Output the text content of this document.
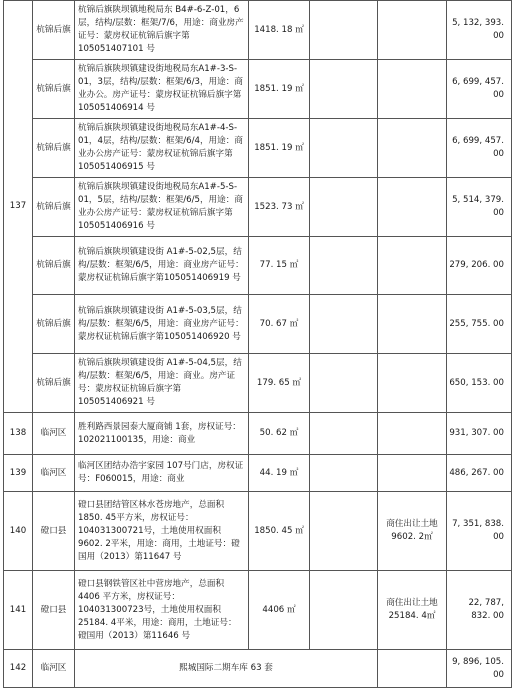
137	杭锦后旗	杭锦后旗陕坝镇地税局东 B4#-6-Z-01，6层，结构/层数：框架/7/6，用途：商业房产证号：蒙房权证杭锦后旗字第105051407101 号	1418. 18 ㎡			5, 132, 393. 00
	杭锦后旗	杭锦后旗陕坝镇建设街地税局东A1#-3-S-01，3层，结构/层数：框架/6/3，用途：商业办公。房产证号：蒙房权证杭锦后旗字第 105051406914 号	1851. 19 ㎡			6, 699, 457. 00
	杭锦后旗	杭锦后旗陕坝镇建设街地税局东A1#-4-S-01，4层，结构/层数：框架/6/4，用途：商业办公房产证号：蒙房权证杭锦后旗字第 105051406915 号	1851. 19 ㎡			6, 699, 457. 00
	杭锦后旗	杭锦后旗陕坝镇建设街地税局东A1#-5-S-01，5层，结构/层数：框架/6/5，用途：商业办公房产证号：蒙房权证杭锦后旗字第105051406916 号	1523. 73 ㎡			5, 514, 379. 00
	杭锦后旗	杭锦后旗陕坝镇建设街 A1#-5-02,5层，结构/层数：框架/6/5，用途：商业房产证号：蒙房权证杭锦后旗字第105051406919 号	77. 15 ㎡			279, 206. 00
	杭锦后旗	杭锦后旗陕坝镇建设街 A1#-5-03,5层，结构/层数：框架/6/5，用途：商业房产证号：蒙房权证杭锦后旗字第105051406920 号	70. 67 ㎡			255, 755. 00
	杭锦后旗	杭锦后旗陕坝镇建设街 A1#-5-04,5层，结构/层数：框架/6/5，用途：商业。房产证号：蒙房权证杭锦后旗字第105051406921 号	179. 65 ㎡			650, 153. 00
138	临河区	胜利路西景园泰大厦商铺 1套，房权证号：102021100135，用途：商业	50. 62 ㎡			931, 307. 00
139	临河区	临河区团结办浩宇家园 107号门店，房权证号：F060015，用途：商业	44. 19 ㎡			486, 267. 00
140	磴口县	磴口县团结管区林水苍房地产，总面积1850. 45平方米，房权证号：104031300721号，土地使用权面积 9602. 2平米，用途：商用，土地证号：磴国用（2013）第11647 号	1850. 45 ㎡		商住出让土地9602. 2㎡	7, 351, 838. 00
141	磴口县	磴口县钢铁管区社中营房地产，总面积4406 平方米，房权证号：104031300723号，土地使用权面积 25184. 4平米，用途：商用，土地证号：磴国用（2013）第11646 号	4406 ㎡		商住出让土地25184. 4㎡	22, 787, 832. 00
142	临河区	熙城国际二期车库 63 套				9, 896, 105. 00
